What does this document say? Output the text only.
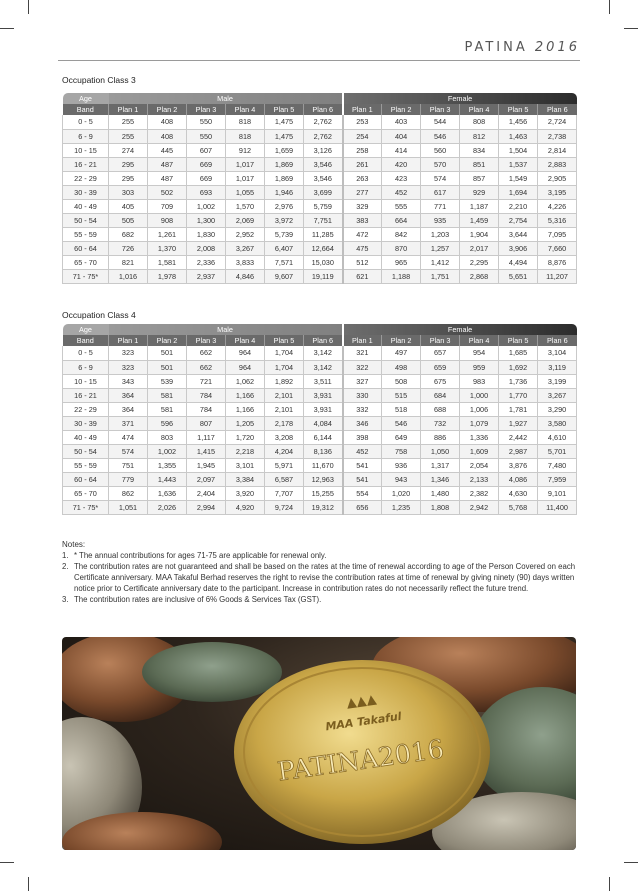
PATINA 2016
Occupation Class 3
Age	Male						Female					
Band	Plan 1	Plan 2	Plan 3	Plan 4	Plan 5	Plan 6	Plan 1	Plan 2	Plan 3	Plan 4	Plan 5	Plan 6
0 - 5	255	408	550	818	1,475	2,762	253	403	544	808	1,456	2,724
6 - 9	255	408	550	818	1,475	2,762	254	404	546	812	1,463	2,738
10 - 15	274	445	607	912	1,659	3,126	258	414	560	834	1,504	2,814
16 - 21	295	487	669	1,017	1,869	3,546	261	420	570	851	1,537	2,883
22 - 29	295	487	669	1,017	1,869	3,546	263	423	574	857	1,549	2,905
30 - 39	303	502	693	1,055	1,946	3,699	277	452	617	929	1,694	3,195
40 - 49	405	709	1,002	1,570	2,976	5,759	329	555	771	1,187	2,210	4,226
50 - 54	505	908	1,300	2,069	3,972	7,751	383	664	935	1,459	2,754	5,316
55 - 59	682	1,261	1,830	2,952	5,739	11,285	472	842	1,203	1,904	3,644	7,095
60 - 64	726	1,370	2,008	3,267	6,407	12,664	475	870	1,257	2,017	3,906	7,660
65 - 70	821	1,581	2,336	3,833	7,571	15,030	512	965	1,412	2,295	4,494	8,876
71 - 75*	1,016	1,978	2,937	4,846	9,607	19,119	621	1,188	1,751	2,868	5,651	11,207
Occupation Class 4
Age	Male						Female					
Band	Plan 1	Plan 2	Plan 3	Plan 4	Plan 5	Plan 6	Plan 1	Plan 2	Plan 3	Plan 4	Plan 5	Plan 6
0 - 5	323	501	662	964	1,704	3,142	321	497	657	954	1,685	3,104
6 - 9	323	501	662	964	1,704	3,142	322	498	659	959	1,692	3,119
10 - 15	343	539	721	1,062	1,892	3,511	327	508	675	983	1,736	3,199
16 - 21	364	581	784	1,166	2,101	3,931	330	515	684	1,000	1,770	3,267
22 - 29	364	581	784	1,166	2,101	3,931	332	518	688	1,006	1,781	3,290
30 - 39	371	596	807	1,205	2,178	4,084	346	546	732	1,079	1,927	3,580
40 - 49	474	803	1,117	1,720	3,208	6,144	398	649	886	1,336	2,442	4,610
50 - 54	574	1,002	1,415	2,218	4,204	8,136	452	758	1,050	1,609	2,987	5,701
55 - 59	751	1,355	1,945	3,101	5,971	11,670	541	936	1,317	2,054	3,876	7,480
60 - 64	779	1,443	2,097	3,384	6,587	12,963	541	943	1,346	2,133	4,086	7,959
65 - 70	862	1,636	2,404	3,920	7,707	15,255	554	1,020	1,480	2,382	4,630	9,101
71 - 75*	1,051	2,026	2,994	4,920	9,724	19,312	656	1,235	1,808	2,942	5,768	11,400
Notes:
1. * The annual contributions for ages 71-75 are applicable for renewal only.
2. The contribution rates are not guaranteed and shall be based on the rates at the time of renewal according to age of the Person Covered on each Certificate anniversary. MAA Takaful Berhad reserves the right to revise the contribution rates at time of renewal by giving ninety (90) days written notice prior to Certificate anniversary date to the participant. Increase in contribution rates do not necessarily reflect the future trend.
3. The contribution rates are inclusive of 6% Goods & Services Tax (GST).
▲▲▲
MAA Takaful
PATINA2016
